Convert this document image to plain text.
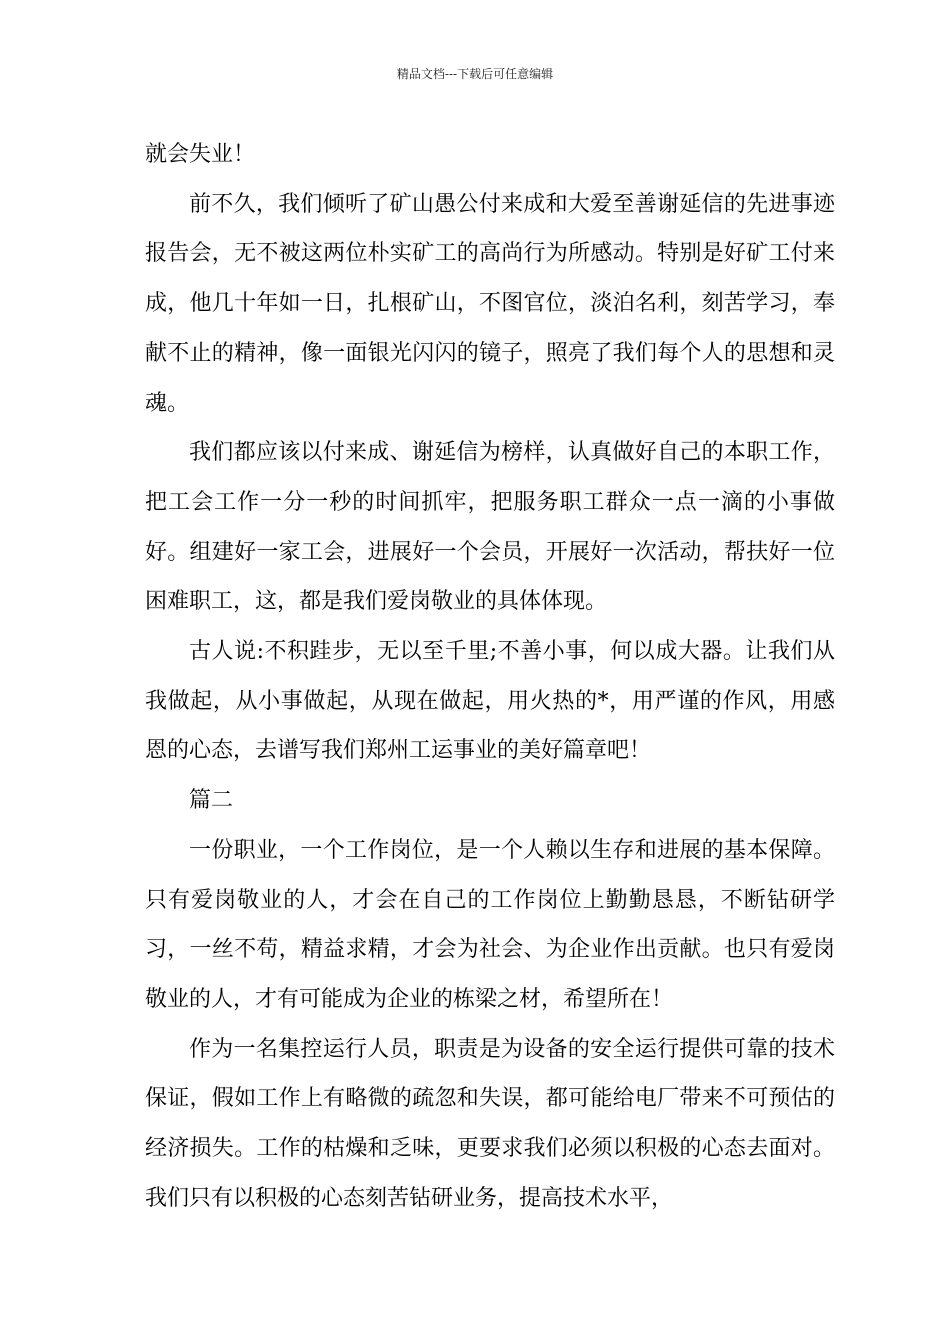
精品文档---下载后可任意编辑

就会失业！

前不久，我们倾听了矿山愚公付来成和大爱至善谢延信的先进事迹报告会，无不被这两位朴实矿工的高尚行为所感动。特别是好矿工付来成，他几十年如一日，扎根矿山，不图官位，淡泊名利，刻苦学习，奉献不止的精神，像一面银光闪闪的镜子，照亮了我们每个人的思想和灵魂。

我们都应该以付来成、谢延信为榜样，认真做好自己的本职工作，把工会工作一分一秒的时间抓牢，把服务职工群众一点一滴的小事做好。组建好一家工会，进展好一个会员，开展好一次活动，帮扶好一位困难职工，这，都是我们爱岗敬业的具体体现。

古人说:不积跬步，无以至千里;不善小事，何以成大器。让我们从我做起，从小事做起，从现在做起，用火热的*，用严谨的作风，用感恩的心态，去谱写我们郑州工运事业的美好篇章吧！

篇二

一份职业，一个工作岗位，是一个人赖以生存和进展的基本保障。只有爱岗敬业的人，才会在自己的工作岗位上勤勤恳恳，不断钻研学习，一丝不苟，精益求精，才会为社会、为企业作出贡献。也只有爱岗敬业的人，才有可能成为企业的栋梁之材，希望所在！

作为一名集控运行人员，职责是为设备的安全运行提供可靠的技术保证，假如工作上有略微的疏忽和失误，都可能给电厂带来不可预估的经济损失。工作的枯燥和乏味，更要求我们必须以积极的心态去面对。我们只有以积极的心态刻苦钻研业务，提高技术水平，
